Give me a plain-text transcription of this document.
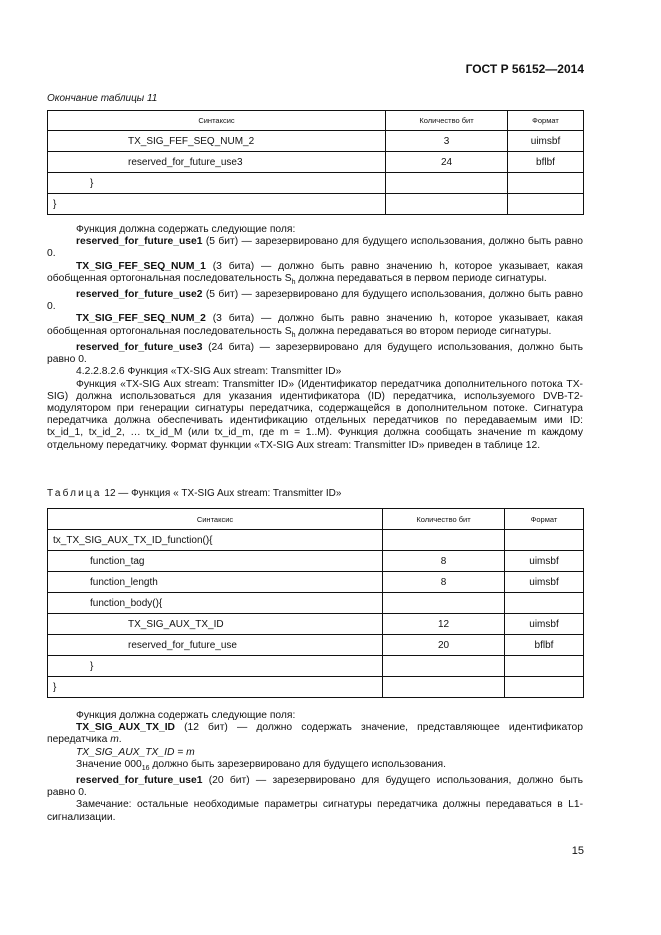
ГОСТ Р 56152—2014
Окончание таблицы 11
Синтаксис	Количество бит	Формат
TX_SIG_FEF_SEQ_NUM_2	3	uimsbf
reserved_for_future_use3	24	bflbf
}		
}		
Функция должна содержать следующие поля:
reserved_for_future_use1 (5 бит) — зарезервировано для будущего использования, должно быть равно 0.
TX_SIG_FEF_SEQ_NUM_1 (3 бита) — должно быть равно значению h, которое указывает, какая обобщенная ортогональная последовательность $S_h$ должна передаваться в первом периоде сигнатуры.
reserved_for_future_use2 (5 бит) — зарезервировано для будущего использования, должно быть равно 0.
TX_SIG_FEF_SEQ_NUM_2 (3 бита) — должно быть равно значению h, которое указывает, какая обобщенная ортогональная последовательность $S_h$ должна передаваться во втором периоде сигнатуры.
reserved_for_future_use3 (24 бита) — зарезервировано для будущего использования, должно быть равно 0.
4.2.2.8.2.6 Функция «TX-SIG Aux stream: Transmitter ID»
Функция «TX-SIG Aux stream: Transmitter ID» (Идентификатор передатчика дополнительного потока TX-SIG) должна использоваться для указания идентификатора (ID) передатчика, используемого DVB-T2-модулятором при генерации сигнатуры передатчика, содержащейся в дополнительном потоке. Сигнатура передатчика должна обеспечивать идентификацию отдельных передатчиков по передаваемым ими ID: tx_id_1, tx_id_2, … tx_id_M (или tx_id_m, где m = 1..M). Функция должна сообщать значение m каждому отдельному передатчику. Формат функции «TX-SIG Aux stream: Transmitter ID» приведен в таблице 12.
Таблица 12 — Функция « TX-SIG Aux stream: Transmitter ID»
Синтаксис	Количество бит	Формат
tx_TX_SIG_AUX_TX_ID_function(){		
function_tag	8	uimsbf
function_length	8	uimsbf
function_body(){		
TX_SIG_AUX_TX_ID	12	uimsbf
reserved_for_future_use	20	bflbf
}		
}		
Функция должна содержать следующие поля:
TX_SIG_AUX_TX_ID (12 бит) — должно содержать значение, представляющее идентификатор передатчика m.
TX_SIG_AUX_TX_ID = m
Значение $000_{16}$ должно быть зарезервировано для будущего использования.
reserved_for_future_use1 (20 бит) — зарезервировано для будущего использования, должно быть равно 0.
Замечание: остальные необходимые параметры сигнатуры передатчика должны передаваться в L1-сигнализации.
15
